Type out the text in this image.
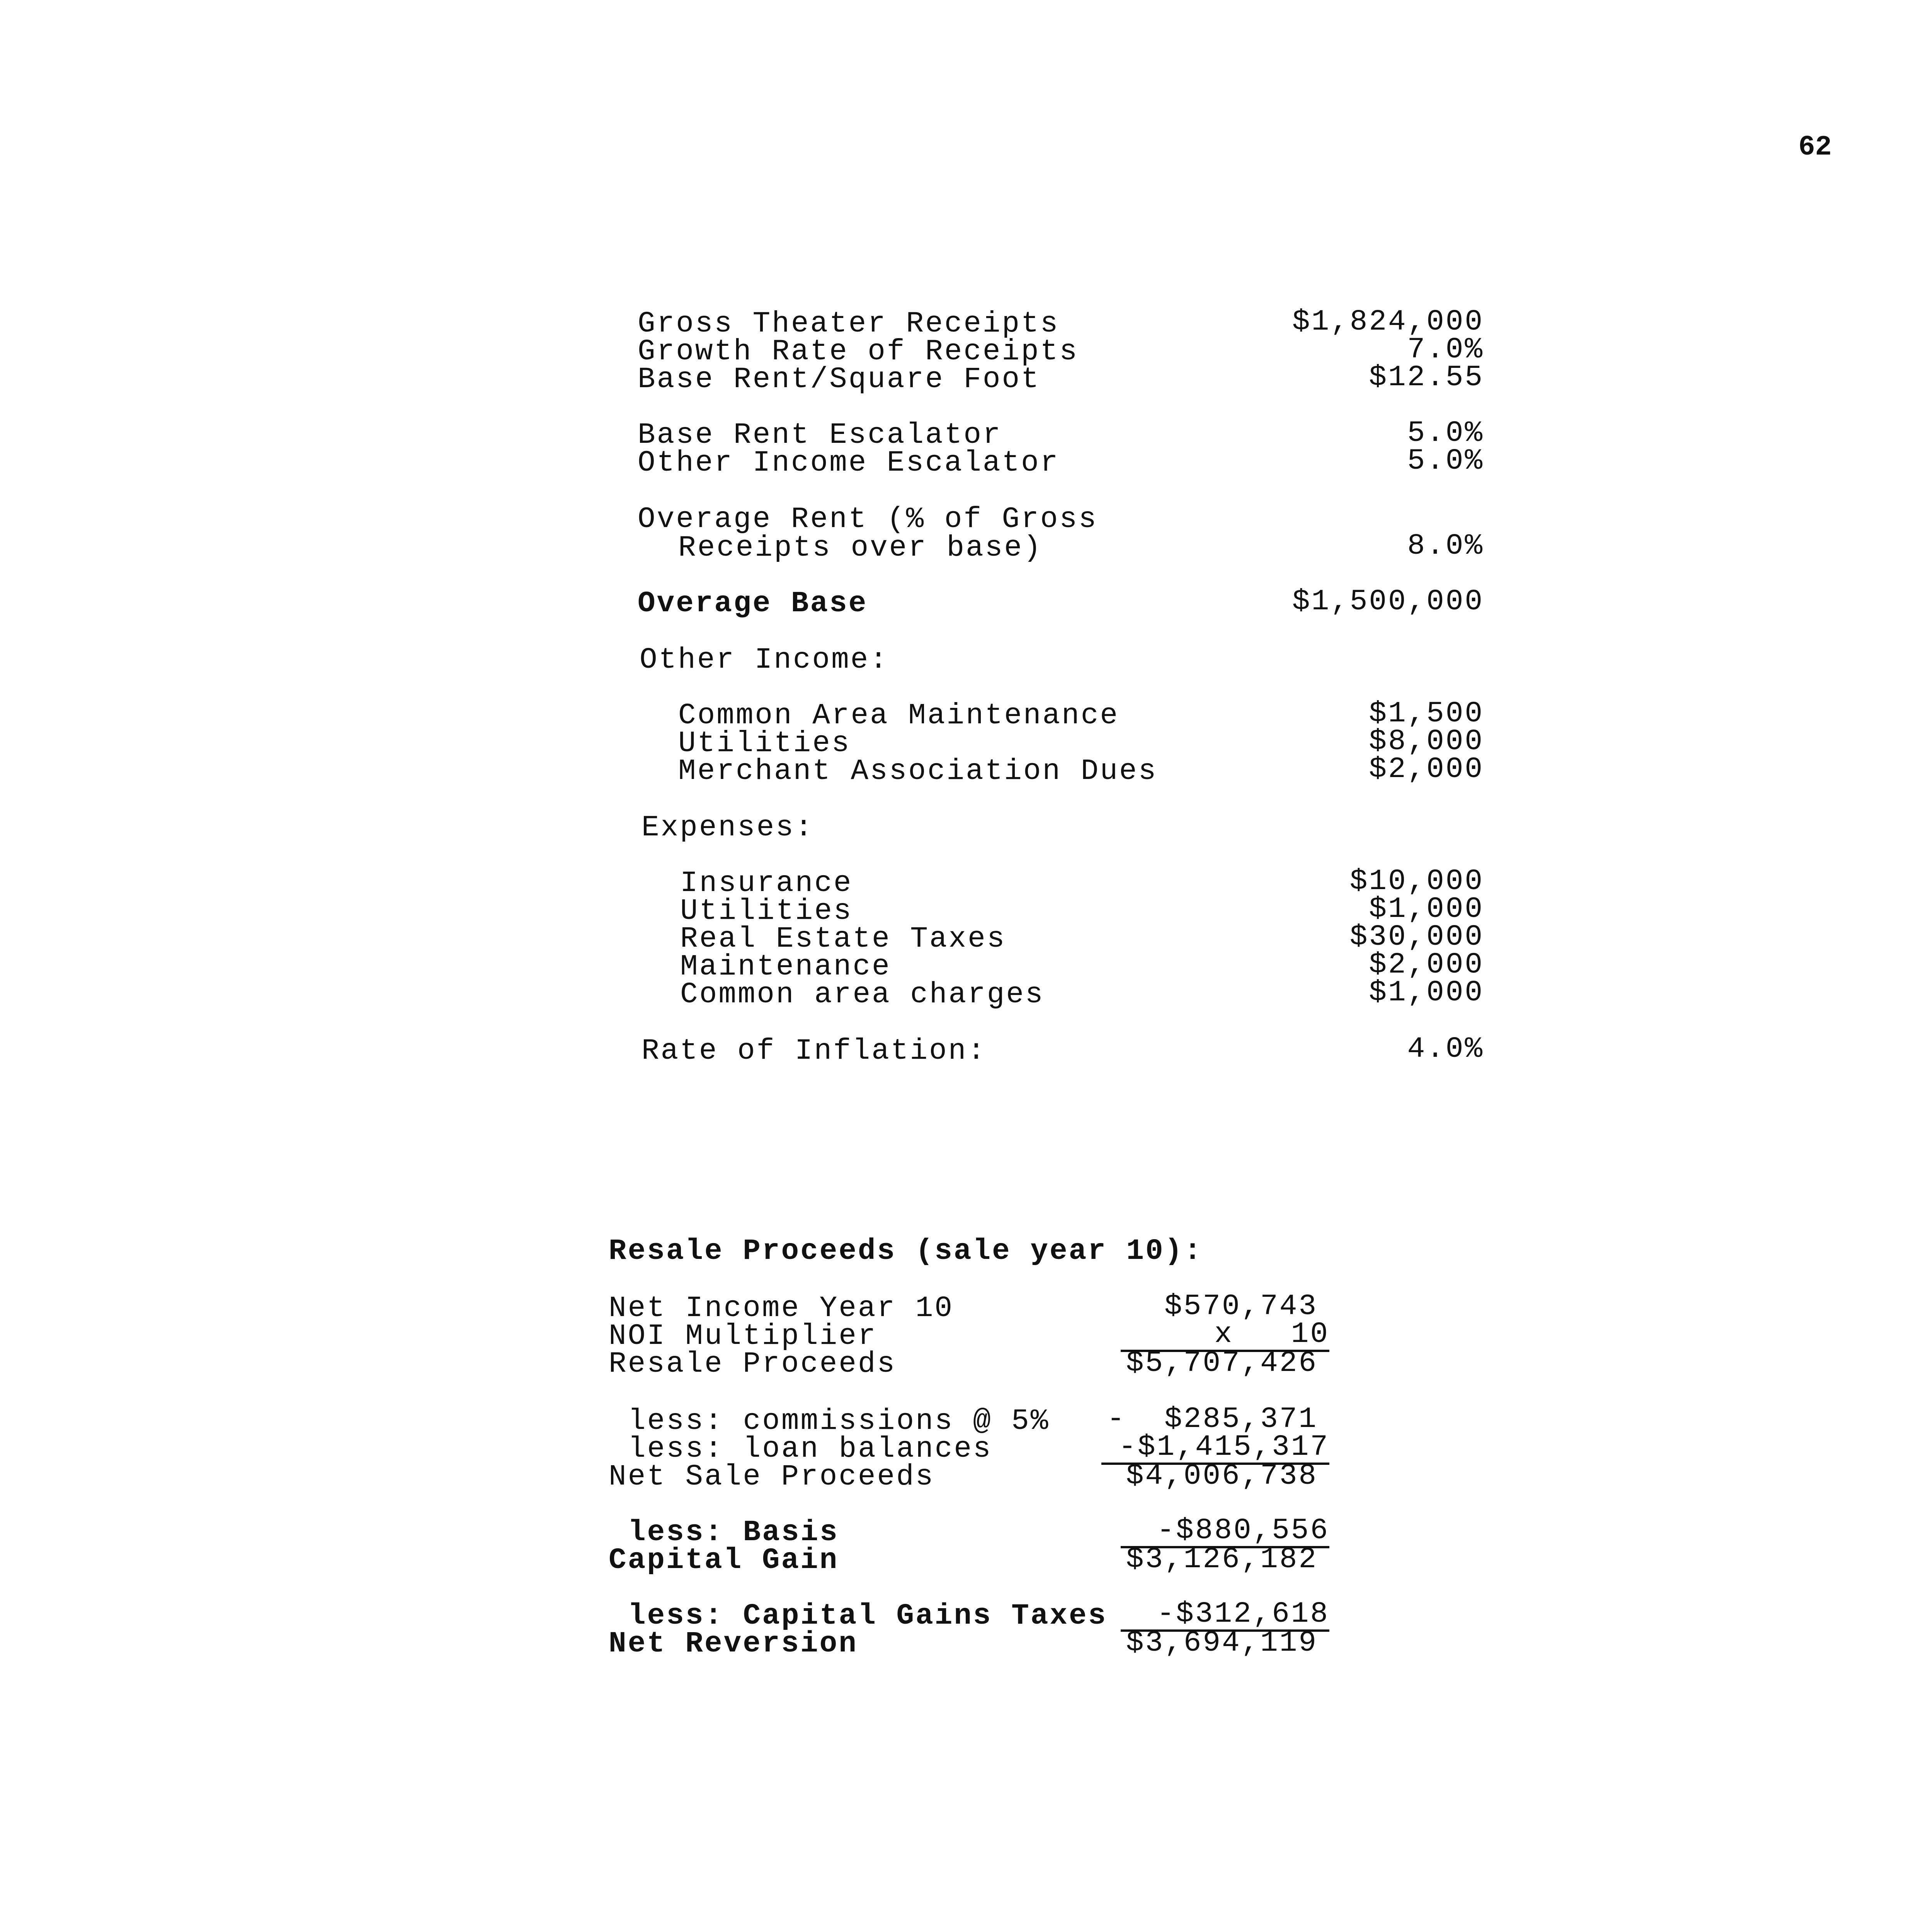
62
Gross Theater Receipts	$1,824,000
Growth Rate of Receipts	7.0%
Base Rent/Square Foot	$12.55
Base Rent Escalator	5.0%
Other Income Escalator	5.0%
Overage Rent (% of Gross
Receipts over base)	8.0%
Overage Base	$1,500,000
Other Income:
Common Area Maintenance	$1,500
Utilities	$8,000
Merchant Association Dues	$2,000
Expenses:
Insurance	$10,000
Utilities	$1,000
Real Estate Taxes	$30,000
Maintenance	$2,000
Common area charges	$1,000
Rate of Inflation:	4.0%
Resale Proceeds (sale year 10):
Net Income Year 10	$570,743
NOI Multiplier	x   10
Resale Proceeds	$5,707,426
less: commissions @ 5% -  $285,371
less: loan balances	-$1,415,317
Net Sale Proceeds	$4,006,738
less: Basis	-$880,556
Capital Gain	$3,126,182
less: Capital Gains Taxes	-$312,618
Net Reversion	$3,694,119
